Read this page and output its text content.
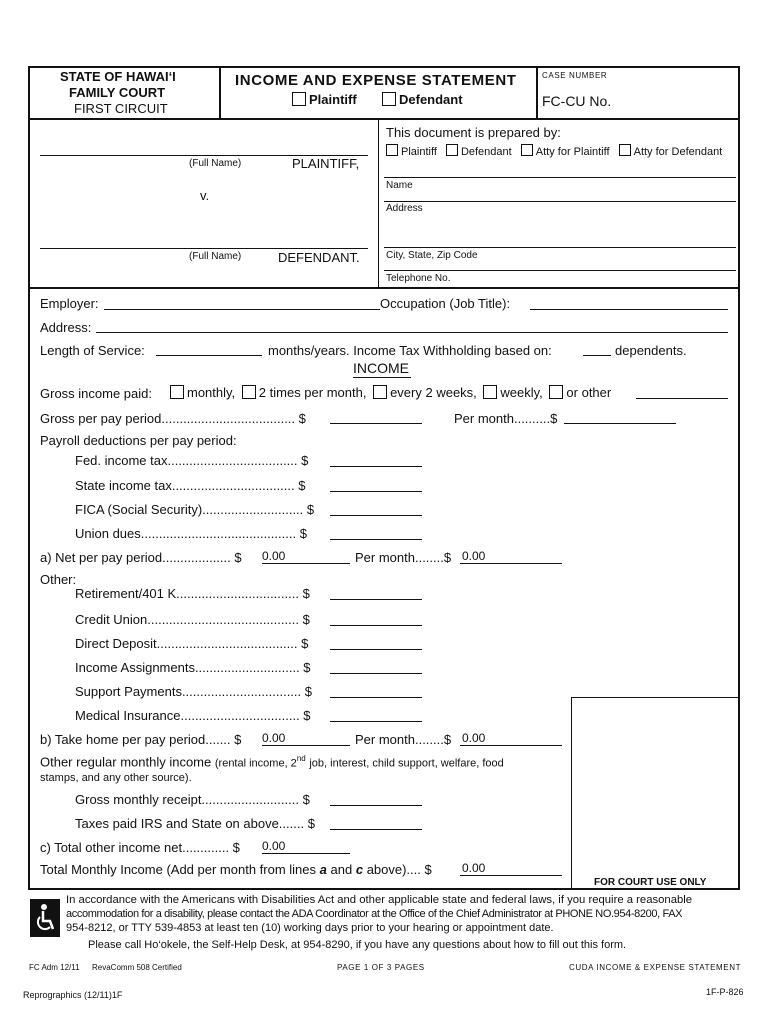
STATE OF HAWAI‘I
FAMILY COURT
FIRST CIRCUIT
INCOME AND EXPENSE STATEMENT
Plaintiff	Defendant
CASE NUMBER
FC-CU No.
(Full Name)	PLAINTIFF,
v.
(Full Name)	DEFENDANT.
This document is prepared by:
Plaintiff Defendant Atty for Plaintiff Atty for Defendant
Name
Address
City, State, Zip Code
Telephone No.
Employer:	Occupation (Job Title):
Address:
Length of Service:	months/years. Income Tax Withholding based on:	dependents.
INCOME
Gross income paid:	monthly, 2 times per month, every 2 weeks, weekly, or other
Gross per pay period..................................... $	Per month..........$
Payroll deductions per pay period:
Fed. income tax.................................... $
State income tax.................................. $
FICA (Social Security)............................ $
Union dues........................................... $
a) Net per pay period................... $ 0.00	Per month........$ 0.00
Other:
Retirement/401 K.................................. $
Credit Union.......................................... $
Direct Deposit....................................... $
Income Assignments............................. $
Support Payments................................. $
Medical Insurance................................. $
b) Take home per pay period....... $ 0.00	Per month........$ 0.00
Other regular monthly income (rental income, 2nd job, interest, child support, welfare, food
stamps, and any other source).
Gross monthly receipt........................... $
Taxes paid IRS and State on above....... $
c) Total other income net............. $ 0.00
Total Monthly Income (Add per month from lines a and c above).... $	0.00
FOR COURT USE ONLY
In accordance with the Americans with Disabilities Act and other applicable state and federal laws, if you require a reasonable
accommodation for a disability, please contact the ADA Coordinator at the Office of the Chief Administrator at PHONE NO.954-8200, FAX
954-8212, or TTY 539-4853 at least ten (10) working days prior to your hearing or appointment date.
Please call Ho‘okele, the Self-Help Desk, at 954-8290, if you have any questions about how to fill out this form.
FC Adm 12/11 RevaComm 508 Certified	PAGE 1 OF 3 PAGES	CUDA INCOME & EXPENSE STATEMENT
Reprographics (12/11)1F	1F-P-826
